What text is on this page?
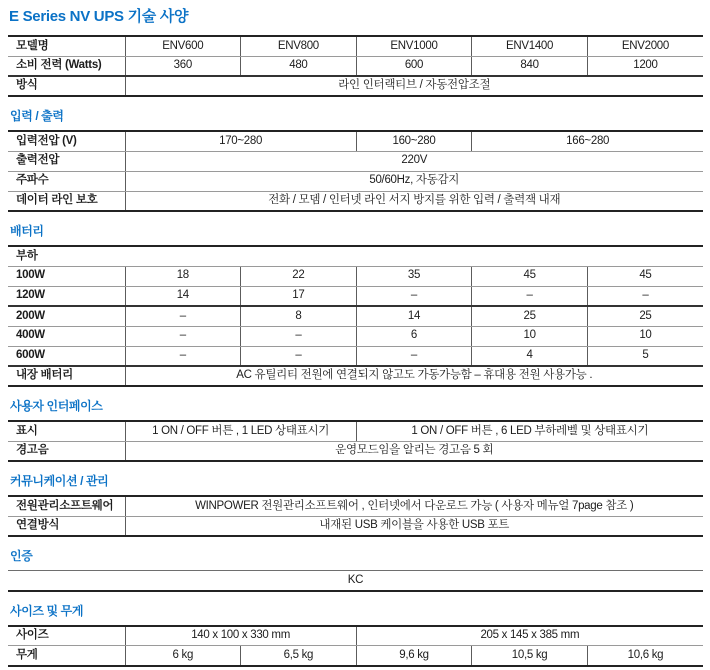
E Series NV UPS 기술 사양
모델명	ENV600	ENV800	ENV1000	ENV1400	ENV2000
소비 전력 (Watts)	360	480	600	840	1200
방식	라인 인터랙티브 / 자동전압조절				
입력 / 출력
입력전압 (V)	170~280	160~280	166~280
출력전압	220V		
주파수	50/60Hz, 자동감지		
데이터 라인 보호	전화 / 모뎀 / 인터넷 라인 서지 방지를 위한 입력 / 출력잭 내재		
배터리
부하					
100W	18	22	35	45	45
120W	14	17	–	–	–
200W	–	8	14	25	25
400W	–	–	6	10	10
600W	–	–	–	4	5
내장 배터리	AC 유틸리티 전원에 연결되지 않고도 가동가능함 – 휴대용 전원 사용가능 .				
사용자 인터페이스
표시	1 ON / OFF 버튼 , 1 LED 상태표시기	1 ON / OFF 버튼 , 6 LED 부하레벨 및 상태표시기
경고음	운영모드임을 알리는 경고음 5 회	
커뮤니케이션 / 관리
전원관리소프트웨어	WINPOWER 전원관리소프트웨어 , 인터넷에서 다운로드 가능 ( 사용자 메뉴얼 7page 참조 )
연결방식	내재된 USB 케이블을 사용한 USB 포트
인증
KC
사이즈 및 무게
사이즈	140 x 100 x 330 mm		205 x 145 x 385 mm		
무게	6 kg	6,5 kg	9,6 kg	10,5 kg	10,6 kg
